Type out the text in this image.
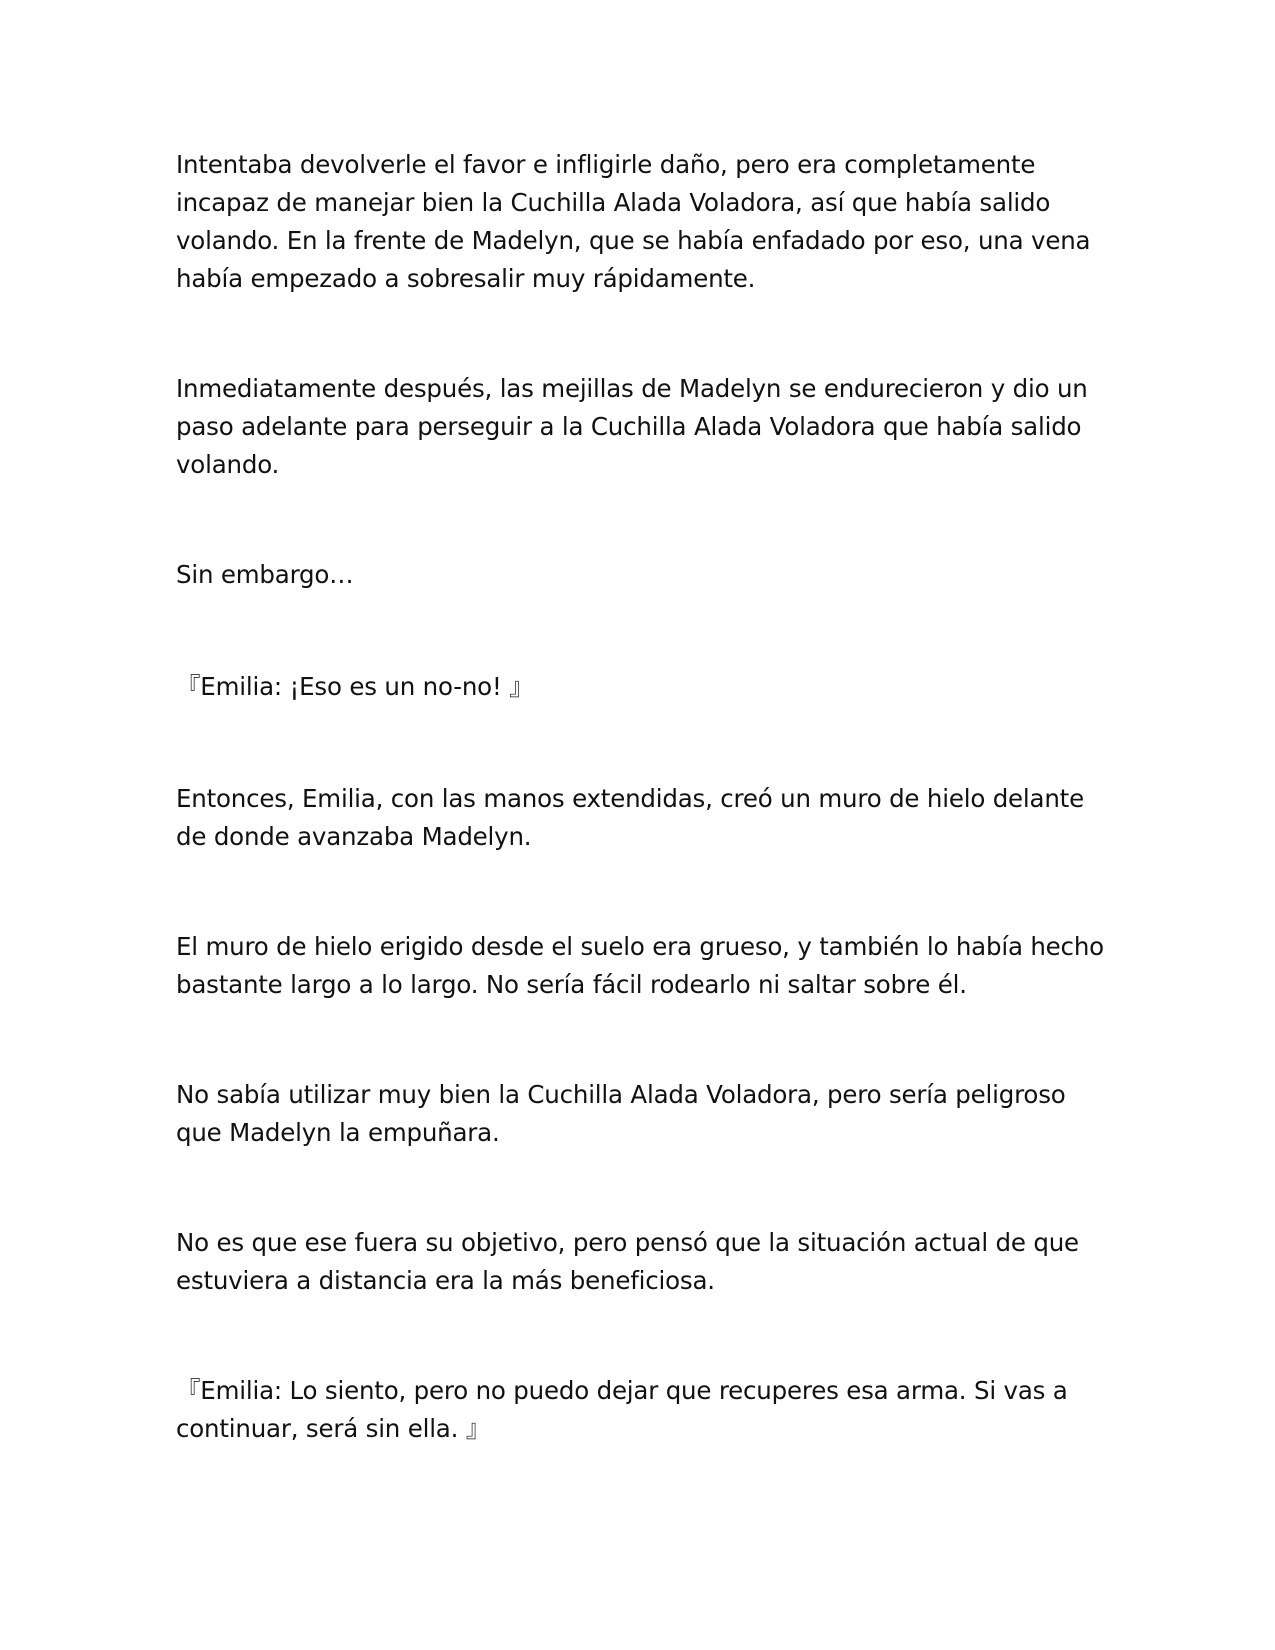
Intentaba devolverle el favor e infligirle daño, pero era completamente incapaz de manejar bien la Cuchilla Alada Voladora, así que había salido volando. En la frente de Madelyn, que se había enfadado por eso, una vena había empezado a sobresalir muy rápidamente.

Inmediatamente después, las mejillas de Madelyn se endurecieron y dio un paso adelante para perseguir a la Cuchilla Alada Voladora que había salido volando.

Sin embargo…

『Emilia: ¡Eso es un no-no! 』

Entonces, Emilia, con las manos extendidas, creó un muro de hielo delante de donde avanzaba Madelyn.

El muro de hielo erigido desde el suelo era grueso, y también lo había hecho bastante largo a lo largo. No sería fácil rodearlo ni saltar sobre él.

No sabía utilizar muy bien la Cuchilla Alada Voladora, pero sería peligroso que Madelyn la empuñara.

No es que ese fuera su objetivo, pero pensó que la situación actual de que estuviera a distancia era la más beneficiosa.

『Emilia: Lo siento, pero no puedo dejar que recuperes esa arma. Si vas a continuar, será sin ella. 』
